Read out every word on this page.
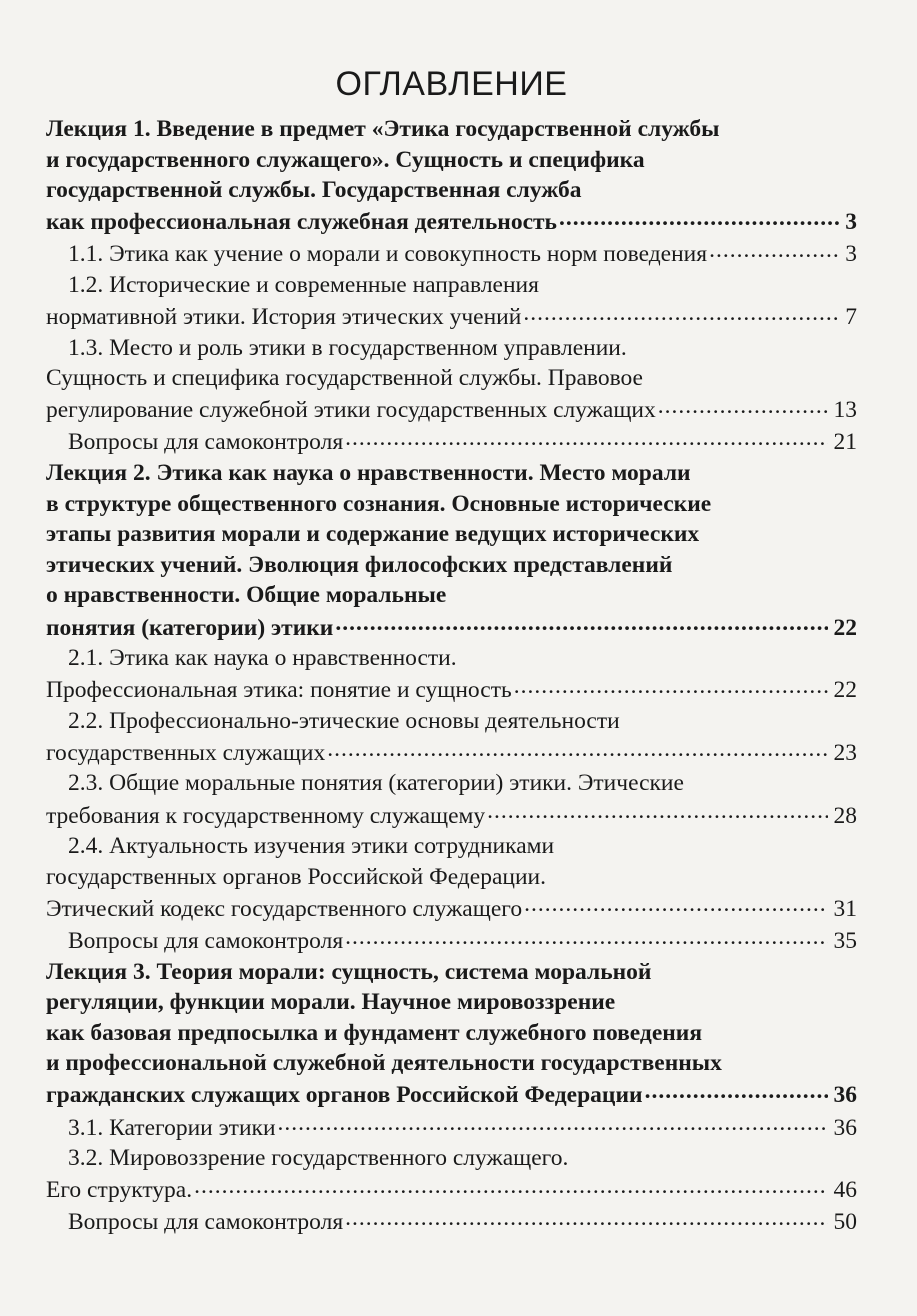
ОГЛАВЛЕНИЕ
Лекция 1. Введение в предмет «Этика государственной службы
и государственного служащего». Сущность и специфика
государственной службы. Государственная служба
как профессиональная служебная деятельность .....	3
1.1. Этика как учение о морали и совокупность норм поведения .....	3
1.2. Исторические и современные направления
нормативной этики. История этических учений .....	7
1.3. Место и роль этики в государственном управлении.
Сущность и специфика государственной службы. Правовое
регулирование служебной этики государственных служащих .....	13
Вопросы для самоконтроля .....	21
Лекция 2. Этика как наука о нравственности. Место морали
в структуре общественного сознания. Основные исторические
этапы развития морали и содержание ведущих исторических
этических учений. Эволюция философских представлений
о нравственности. Общие моральные
понятия (категории) этики .....	22
2.1. Этика как наука о нравственности.
Профессиональная этика: понятие и сущность .....	22
2.2. Профессионально-этические основы деятельности
государственных служащих .....	23
2.3. Общие моральные понятия (категории) этики. Этические
требования к государственному служащему .....	28
2.4. Актуальность изучения этики сотрудниками
государственных органов Российской Федерации.
Этический кодекс государственного служащего .....	31
Вопросы для самоконтроля .....	35
Лекция 3. Теория морали: сущность, система моральной
регуляции, функции морали. Научное мировоззрение
как базовая предпосылка и фундамент служебного поведения
и профессиональной служебной деятельности государственных
гражданских служащих органов Российской Федерации .....	36
3.1. Категории этики .....	36
3.2. Мировоззрение государственного служащего.
Его структура. .....	46
Вопросы для самоконтроля .....	50
